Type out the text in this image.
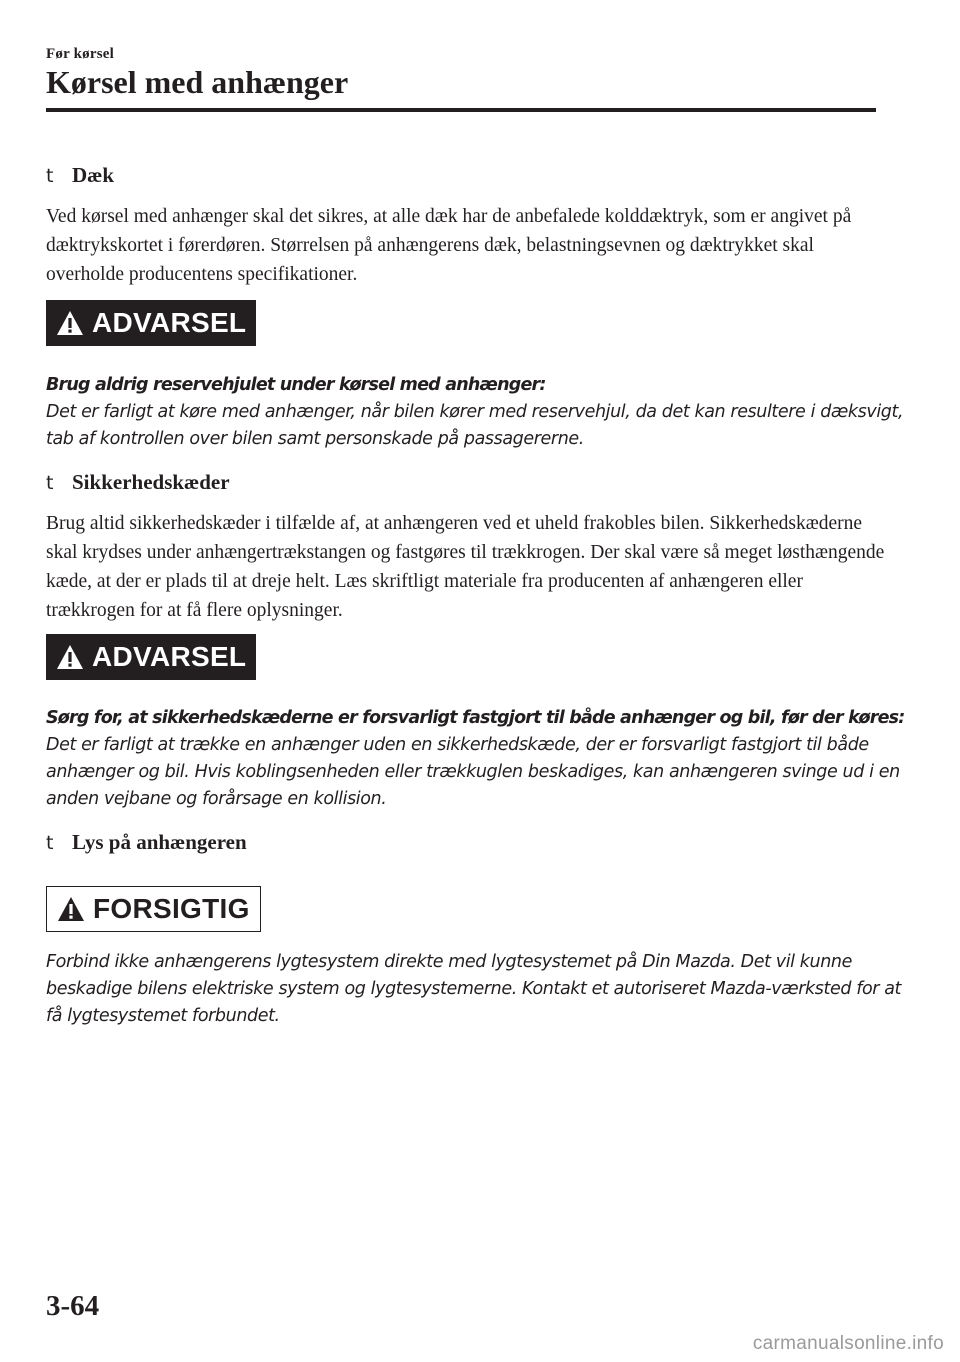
Før kørsel
Kørsel med anhænger
t Dæk

Ved kørsel med anhænger skal det sikres, at alle dæk har de anbefalede kolddæktryk, som er angivet på dæktrykskortet i førerdøren. Størrelsen på anhængerens dæk, belastningsevnen og dæktrykket skal overholde producentens specifikationer.

ADVARSEL
Brug aldrig reservehjulet under kørsel med anhænger:
Det er farligt at køre med anhænger, når bilen kører med reservehjul, da det kan resultere i dæksvigt, tab af kontrollen over bilen samt personskade på passagererne.
t Sikkerhedskæder

Brug altid sikkerhedskæder i tilfælde af, at anhængeren ved et uheld frakobles bilen. Sikkerhedskæderne skal krydses under anhængertrækstangen og fastgøres til trækkrogen. Der skal være så meget løsthængende kæde, at der er plads til at dreje helt. Læs skriftligt materiale fra producenten af anhængeren eller trækkrogen for at få flere oplysninger.

ADVARSEL
Sørg for, at sikkerhedskæderne er forsvarligt fastgjort til både anhænger og bil, før der køres:
Det er farligt at trække en anhænger uden en sikkerhedskæde, der er forsvarligt fastgjort til både anhænger og bil. Hvis koblingsenheden eller trækkuglen beskadiges, kan anhængeren svinge ud i en anden vejbane og forårsage en kollision.
t Lys på anhængeren
FORSIGTIG
Forbind ikke anhængerens lygtesystem direkte med lygtesystemet på Din Mazda. Det vil kunne beskadige bilens elektriske system og lygtesystemerne. Kontakt et autoriseret Mazda-værksted for at få lygtesystemet forbundet.
3-64
carmanualsonline.info
